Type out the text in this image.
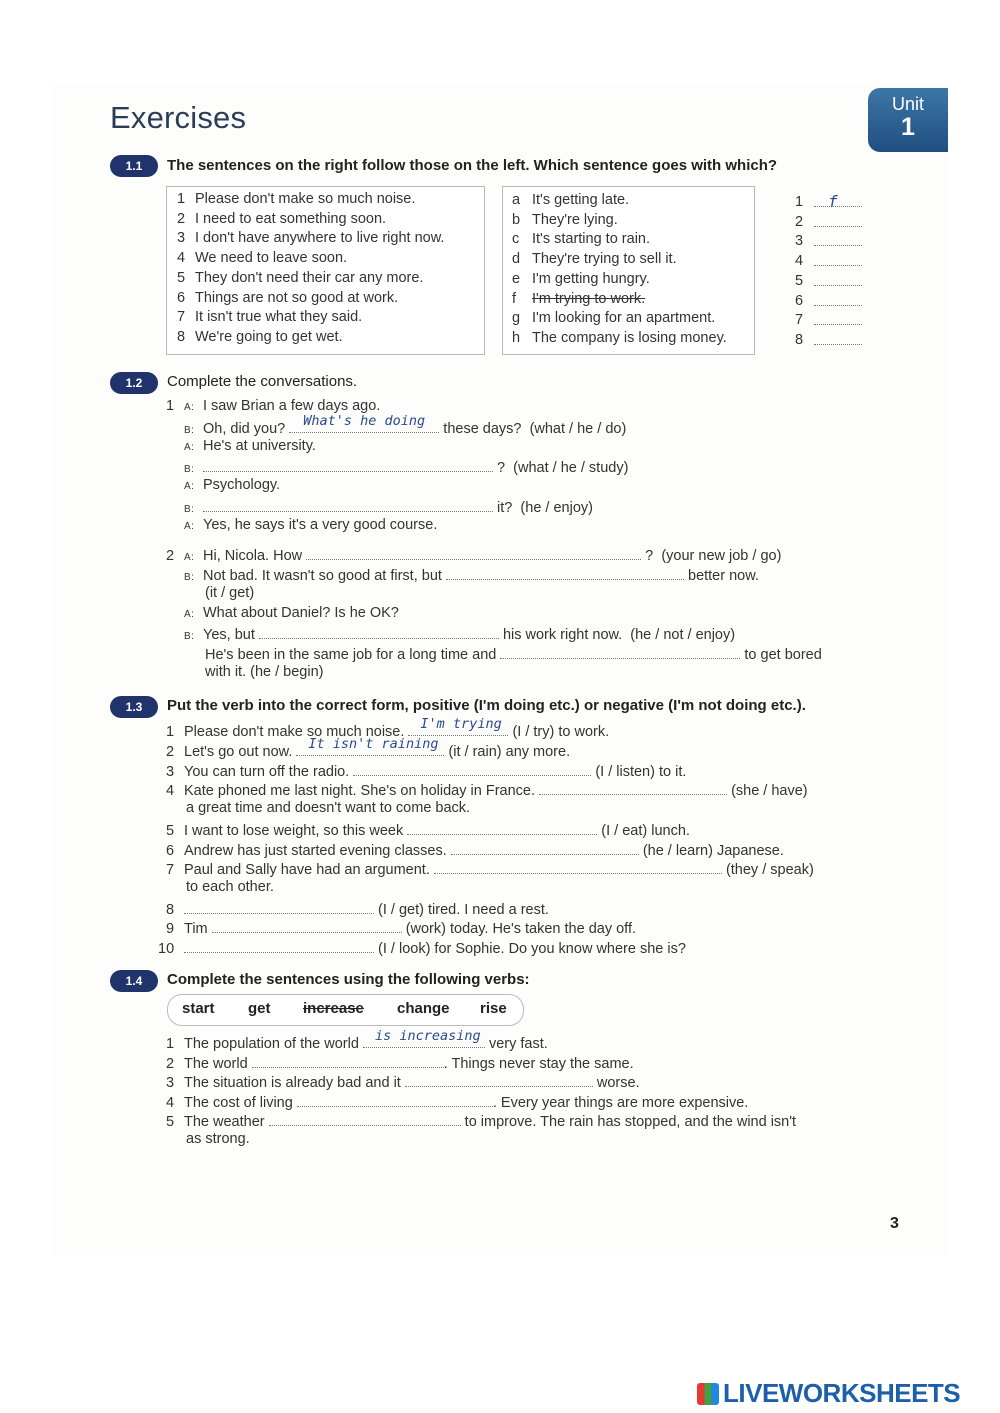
Exercises	Unit
1
1.1	The sentences on the right follow those on the left. Which sentence goes with which?
1 Please don't make so much noise.
2 I need to eat something soon.
3 I don't have anywhere to live right now.
4 We need to leave soon.
5 They don't need their car any more.
6 Things are not so good at work.
7 It isn't true what they said.
8 We're going to get wet.
a It's getting late.
b They're lying.
c It's starting to rain.
d They're trying to sell it.
e I'm getting hungry.
f I'm trying to work.
g I'm looking for an apartment.
h The company is losing money.
1 f
2
3
4
5
6
7
8
1.2	Complete the conversations.
1 A: I saw Brian a few days ago.
B: Oh, did you? What's he doing these days? (what / he / do)
A: He's at university.
B:	? (what / he / study)
A: Psychology.
B:	it? (he / enjoy)
A: Yes, he says it's a very good course.
2 A: Hi, Nicola. How	? (your new job / go)
B: Not bad. It wasn't so good at first, but	better now.
(it / get)
A: What about Daniel? Is he OK?
B: Yes, but	his work right now. (he / not / enjoy)
He's been in the same job for a long time and	to get bored
with it. (he / begin)
1.3	Put the verb into the correct form, positive (I'm doing etc.) or negative (I'm not doing etc.).
1 Please don't make so much noise. I'm trying (I / try) to work.
2 Let's go out now. It isn't raining (it / rain) any more.
3 You can turn off the radio.	(I / listen) to it.
4 Kate phoned me last night. She's on holiday in France.	(she / have)
a great time and doesn't want to come back.
5 I want to lose weight, so this week	(I / eat) lunch.
6 Andrew has just started evening classes.	(he / learn) Japanese.
7 Paul and Sally have had an argument.	(they / speak)
to each other.
8	(I / get) tired. I need a rest.
9 Tim	(work) today. He's taken the day off.
10	(I / look) for Sophie. Do you know where she is?
1.4	Complete the sentences using the following verbs:
start get increase change rise
1 The population of the world is increasing very fast.
2 The world	. Things never stay the same.
3 The situation is already bad and it	worse.
4 The cost of living	. Every year things are more expensive.
5 The weather	to improve. The rain has stopped, and the wind isn't
as strong.
3
LIVEWORKSHEETS
